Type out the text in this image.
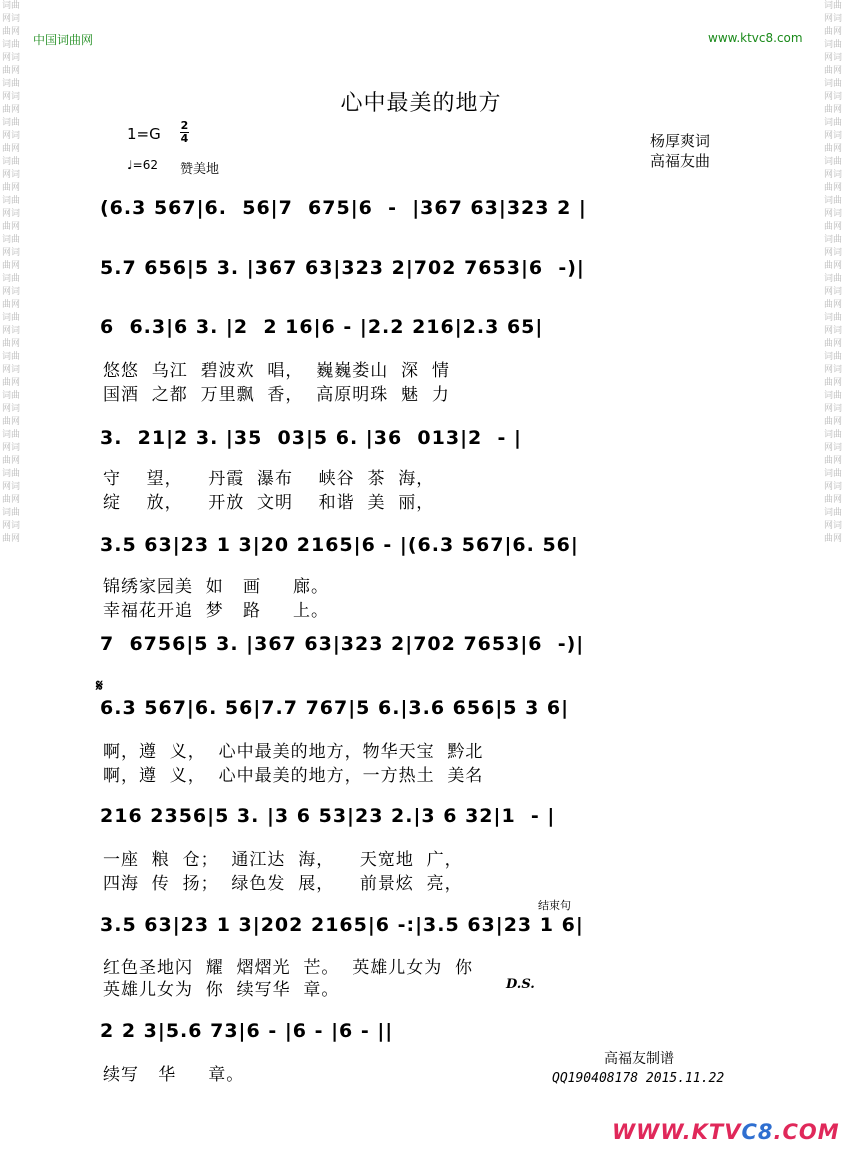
词曲网词曲网词曲网词曲网词曲网词曲网词曲网词曲网词曲网词曲网词曲网词曲网词曲网词曲网词曲网词曲网词曲网词曲网词曲网词曲网词曲网词曲网词曲网词曲网词曲网词曲网词曲网词曲网
词曲网词曲网词曲网词曲网词曲网词曲网词曲网词曲网词曲网词曲网词曲网词曲网词曲网词曲网词曲网词曲网词曲网词曲网词曲网词曲网词曲网词曲网词曲网词曲网词曲网词曲网词曲网词曲网
中国词曲网	www.ktvc8.com
心中最美的地方
1=G 2
4
♩=62 赞美地
杨厚爽词
高福友曲
(6.3 567|6.  56|7  675|6  -  |367 63|323 2 |
5.7 656|5 3. |367 63|323 2|702 7653|6  -)|
6  6.3|6 3. |2  2 16|6 - |2.2 216|2.3 65|
悠悠  乌江  碧波欢  唱，  巍巍娄山  深  情
国酒  之都  万里飘  香，  高原明珠  魅  力
3.  21|2 3. |35  03|5 6. |36  013|2  - |
守    望，    丹霞  瀑布    峡谷  茶  海，
绽    放，    开放  文明    和谐  美  丽，
3.5 63|23 1 3|20 2165|6 - |(6.3 567|6. 56|
锦绣家园美  如   画     廊。
幸福花开追  梦   路     上。
7  6756|5 3. |367 63|323 2|702 7653|6  -)|
𝄋
6.3 567|6. 56|7.7 767|5 6.|3.6 656|5 3 6|
啊，遵  义，  心中最美的地方，物华天宝  黔北
啊，遵  义，  心中最美的地方，一方热土  美名
216 2356|5 3. |3 6 53|23 2.|3 6 32|1  - |
一座  粮  仓；  通江达  海，    天宽地  广，
四海  传  扬；  绿色发  展，    前景炫  亮，
结束句
3.5 63|23 1 3|202 2165|6 -:|3.5 63|23 1 6|
红色圣地闪  耀  熠熠光  芒。  英雄儿女为  你
英雄儿女为  你  续写华  章。	D.S.
2 2 3|5.6 73|6 - |6 - |6 - ||
续写   华     章。
高福友制谱
QQ190408178 2015.11.22
WWW.KTVC8.COM
